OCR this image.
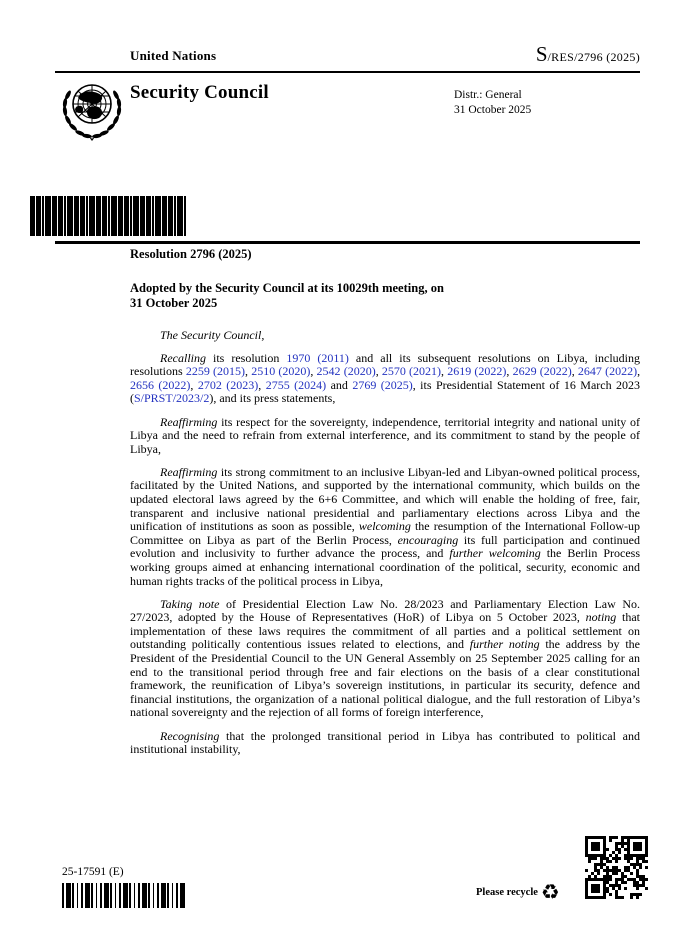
United Nations	S/RES/2796 (2025)
Security Council	Distr.: General
31 October 2025
Resolution 2796 (2025)
Adopted by the Security Council at its 10029th meeting, on
31 October 2025

The Security Council,

Recalling its resolution 1970 (2011) and all its subsequent resolutions on Libya, including resolutions 2259 (2015), 2510 (2020), 2542 (2020), 2570 (2021), 2619 (2022), 2629 (2022), 2647 (2022), 2656 (2022), 2702 (2023), 2755 (2024) and 2769 (2025), its Presidential Statement of 16 March 2023 (S/PRST/2023/2), and its press statements,

Reaffirming its respect for the sovereignty, independence, territorial integrity and national unity of Libya and the need to refrain from external interference, and its commitment to stand by the people of Libya,

Reaffirming its strong commitment to an inclusive Libyan-led and Libyan-owned political process, facilitated by the United Nations, and supported by the international community, which builds on the updated electoral laws agreed by the 6+6 Committee, and which will enable the holding of free, fair, transparent and inclusive national presidential and parliamentary elections across Libya and the unification of institutions as soon as possible, welcoming the resumption of the International Follow-up Committee on Libya as part of the Berlin Process, encouraging its full participation and continued evolution and inclusivity to further advance the process, and further welcoming the Berlin Process working groups aimed at enhancing international coordination of the political, security, economic and human rights tracks of the political process in Libya,

Taking note of Presidential Election Law No. 28/2023 and Parliamentary Election Law No. 27/2023, adopted by the House of Representatives (HoR) of Libya on 5 October 2023, noting that implementation of these laws requires the commitment of all parties and a political settlement on outstanding politically contentious issues related to elections, and further noting the address by the President of the Presidential Council to the UN General Assembly on 25 September 2025 calling for an end to the transitional period through free and fair elections on the basis of a clear constitutional framework, the reunification of Libya’s sovereign institutions, in particular its security, defence and financial institutions, the organization of a national political dialogue, and the full restoration of Libya’s national sovereignty and the rejection of all forms of foreign interference,

Recognising that the prolonged transitional period in Libya has contributed to political and institutional instability,

25-17591 (E)
Please recycle ♻
